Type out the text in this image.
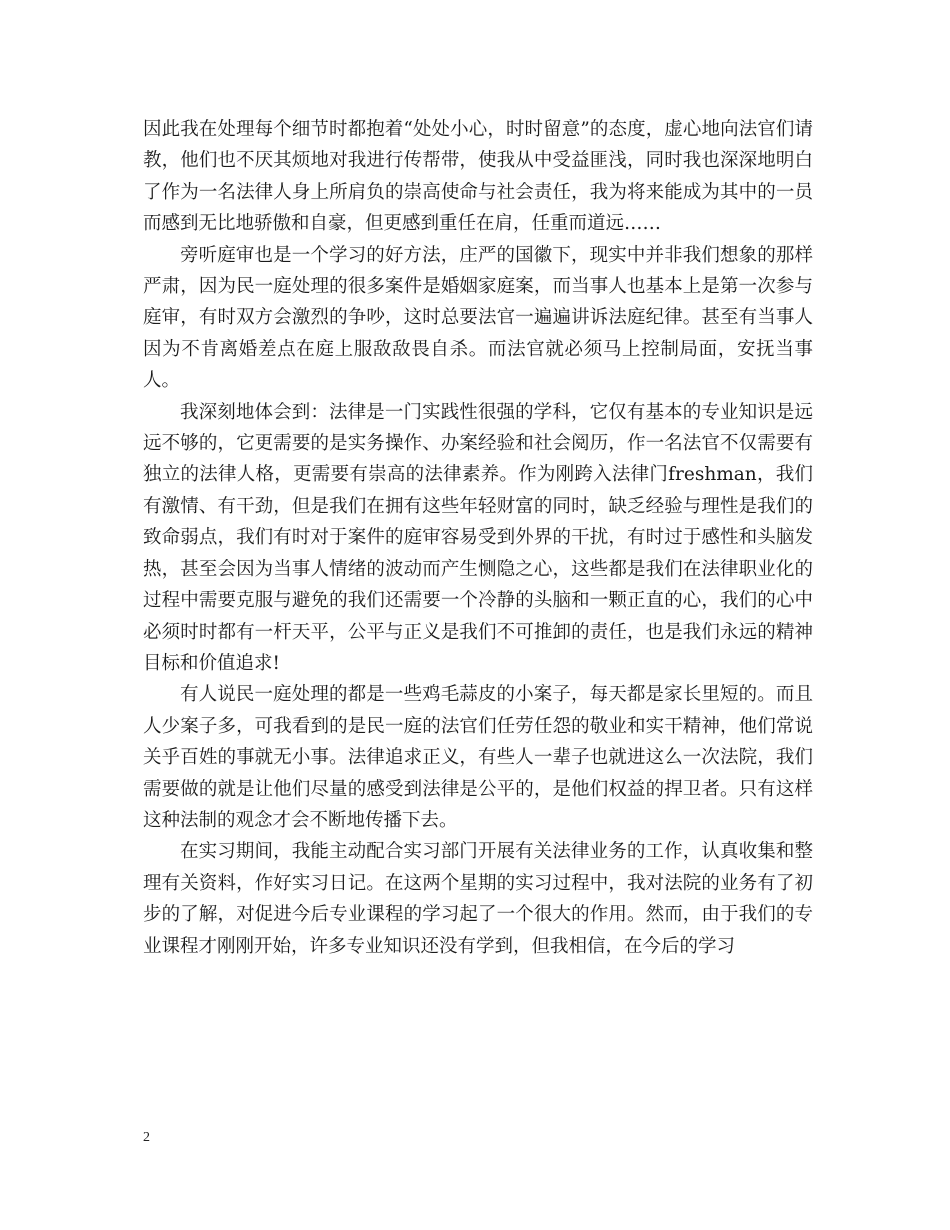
因此我在处理每个细节时都抱着“处处小心，时时留意”的态度，虚心地向法官们请教，他们也不厌其烦地对我进行传帮带，使我从中受益匪浅，同时我也深深地明白了作为一名法律人身上所肩负的崇高使命与社会责任，我为将来能成为其中的一员而感到无比地骄傲和自豪，但更感到重任在肩，任重而道远……

旁听庭审也是一个学习的好方法，庄严的国徽下，现实中并非我们想象的那样严肃，因为民一庭处理的很多案件是婚姻家庭案，而当事人也基本上是第一次参与庭审，有时双方会激烈的争吵，这时总要法官一遍遍讲诉法庭纪律。甚至有当事人因为不肯离婚差点在庭上服敌敌畏自杀。而法官就必须马上控制局面，安抚当事人。

我深刻地体会到：法律是一门实践性很强的学科，它仅有基本的专业知识是远远不够的，它更需要的是实务操作、办案经验和社会阅历，作一名法官不仅需要有独立的法律人格，更需要有崇高的法律素养。作为刚跨入法律门freshman，我们有激情、有干劲，但是我们在拥有这些年轻财富的同时，缺乏经验与理性是我们的致命弱点，我们有时对于案件的庭审容易受到外界的干扰，有时过于感性和头脑发热，甚至会因为当事人情绪的波动而产生恻隐之心，这些都是我们在法律职业化的过程中需要克服与避免的我们还需要一个冷静的头脑和一颗正直的心，我们的心中必须时时都有一杆天平，公平与正义是我们不可推卸的责任，也是我们永远的精神目标和价值追求!

有人说民一庭处理的都是一些鸡毛蒜皮的小案子，每天都是家长里短的。而且人少案子多，可我看到的是民一庭的法官们任劳任怨的敬业和实干精神，他们常说关乎百姓的事就无小事。法律追求正义，有些人一辈子也就进这么一次法院，我们需要做的就是让他们尽量的感受到法律是公平的，是他们权益的捍卫者。只有这样这种法制的观念才会不断地传播下去。

在实习期间，我能主动配合实习部门开展有关法律业务的工作，认真收集和整理有关资料，作好实习日记。在这两个星期的实习过程中，我对法院的业务有了初步的了解，对促进今后专业课程的学习起了一个很大的作用。然而，由于我们的专业课程才刚刚开始，许多专业知识还没有学到，但我相信，在今后的学习

2
